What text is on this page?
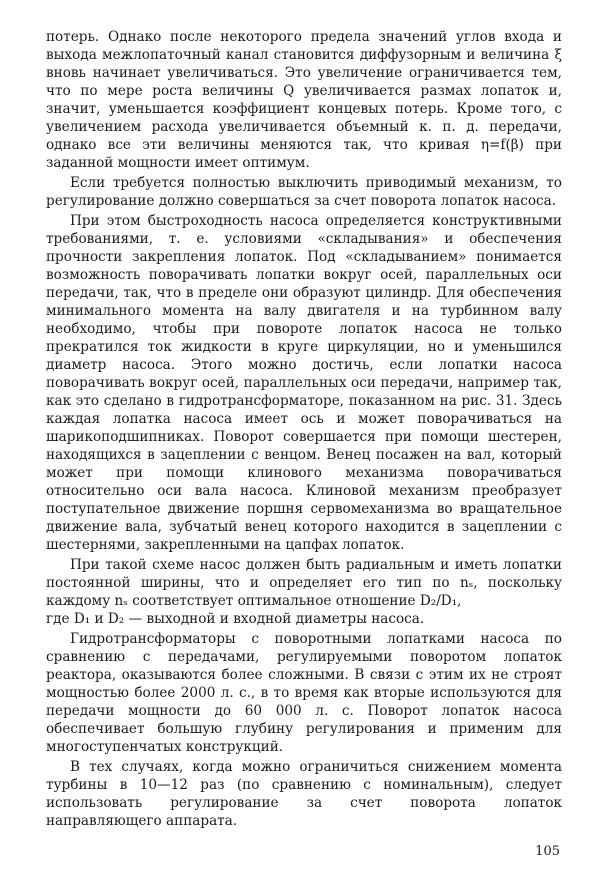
потерь. Однако после некоторого предела значений углов входа и выхода межлопаточный канал становится диффузорным и величина ξ вновь начинает увеличиваться. Это увеличение ограничивается тем, что по мере роста величины Q увеличивается размах лопаток и, значит, уменьшается коэффициент концевых потерь. Кроме того, с увеличением расхода увеличивается объемный к. п. д. передачи, однако все эти величины меняются так, что кривая η=f(β) при заданной мощности имеет оптимум.

Если требуется полностью выключить приводимый механизм, то регулирование должно совершаться за счет поворота лопаток насоса.

При этом быстроходность насоса определяется конструктивными требованиями, т. е. условиями «складывания» и обеспечения прочности закрепления лопаток. Под «складыванием» понимается возможность поворачивать лопатки вокруг осей, параллельных оси передачи, так, что в пределе они образуют цилиндр. Для обеспечения минимального момента на валу двигателя и на турбинном валу необходимо, чтобы при повороте лопаток насоса не только прекратился ток жидкости в круге циркуляции, но и уменьшился диаметр насоса. Этого можно достичь, если лопатки насоса поворачивать вокруг осей, параллельных оси передачи, например так, как это сделано в гидротрансформаторе, показанном на рис. 31. Здесь каждая лопатка насоса имеет ось и может поворачиваться на шарикоподшипниках. Поворот совершается при помощи шестерен, находящихся в зацеплении с венцом. Венец посажен на вал, который может при помощи клинового механизма поворачиваться относительно оси вала насоса. Клиновой механизм преобразует поступательное движение поршня сервомеханизма во вращательное движение вала, зубчатый венец которого находится в зацеплении с шестернями, закрепленными на цапфах лопаток.

При такой схеме насос должен быть радиальным и иметь лопатки постоянной ширины, что и определяет его тип по nₛ, поскольку каждому nₛ соответствует оптимальное отношение D₂/D₁,

где D₁ и D₂ — выходной и входной диаметры насоса.

Гидротрансформаторы с поворотными лопатками насоса по сравнению с передачами, регулируемыми поворотом лопаток реактора, оказываются более сложными. В связи с этим их не строят мощностью более 2000 л. с., в то время как вторые используются для передачи мощности до 60 000 л. с. Поворот лопаток насоса обеспечивает большую глубину регулирования и применим для многоступенчатых конструкций.

В тех случаях, когда можно ограничиться снижением момента турбины в 10—12 раз (по сравнению с номинальным), следует использовать регулирование за счет поворота лопаток направляющего аппарата.

105
